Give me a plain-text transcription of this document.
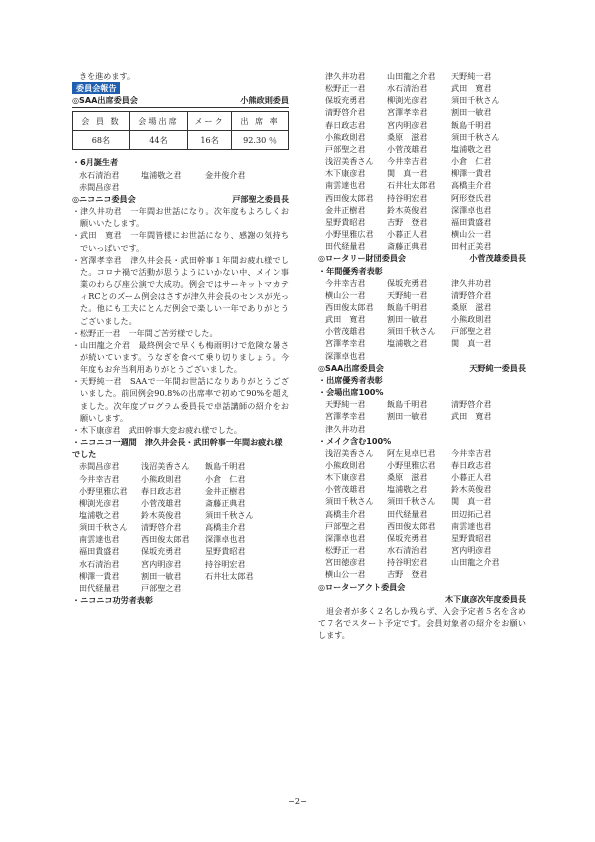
きを進めます。
委員会報告
◎SAA出席委員会	小熊政則委員
会 員 数	会場出席	メーク	出 席 率
68名	44名	16名	92.30 ％
・6月誕生者
水石清治君	塩浦敬之君	金井俊介君
赤間昌彦君
◎ニコニコ委員会	戸部聖之委員長
・ 津久井功君　一年間お世話になり。次年度もよろしくお願いいたします。
・ 武田　寛君　一年間皆様にお世話になり、感謝の気持ちでいっぱいです。
・ 宮澤孝幸君　津久井会長・武田幹事１年間お疲れ様でした。コロナ禍で活動が思うようにいかない中、メイン事業のわらび座公演で大成功。例会ではサーキットマカティRCとのズーム例会はさすが津久井会長のセンスが光った。他にも工夫にとんだ例会で楽しい一年でありがとうございました。
・ 松野正一君　一年間ご苦労様でした。
・ 山田龍之介君　最終例会で早くも梅雨明けで危険な暑さが続いています。うなぎを食べて乗り切りましょう。今年度もお弁当利用ありがとうございました。
・ 天野純一君　SAAで一年間お世話になりありがとうございました。前回例会90.8%の出席率で初めて90%を超えました。次年度プログラム委員長で卓話講師の紹介をお願いします。
・ 木下康彦君　武田幹事大変お疲れ様でした。
・ニコニコ一週間　津久井会長・武田幹事一年間お疲れ様でした
赤間昌彦君	浅沼美香さん	飯島千明君
今井幸吉君	小熊政則君	小倉　仁君
小野里雅広君	春日政志君	金井正樹君
柳渕光彦君	小菅茂雄君	斎藤正典君
塩浦敬之君	鈴木英俊君	須田千秋さん
須田千秋さん	清野啓介君	高橋圭介君
南雲達也君	西田俊太郎君	深澤卓也君
福田貴盛君	保坂充勇君	星野貴昭君
水石清治君	宮内明彦君	持谷明宏君
柳澤一貴君	割田一敏君	石井壮太郎君
田代経量君	戸部聖之君
・ニコニコ功労者表彰
津久井功君	山田龍之介君	天野純一君
松野正一君	水石清治君	武田　寛君
保坂充勇君	柳渕光彦君	須田千秋さん
清野啓介君	宮澤孝幸君	割田一敏君
春日政志君	宮内明彦君	飯島千明君
小熊政則君	桑原　滋君	須田千秋さん
戸部聖之君	小菅茂雄君	塩浦敬之君
浅沼美香さん	今井幸吉君	小倉　仁君
木下康彦君	関　真一君	柳澤一貴君
南雲達也君	石井壮太郎君	高橋圭介君
西田俊太郎君	持谷明宏君	阿形登氏君
金井正樹君	鈴木英俊君	深澤卓也君
星野貴昭君	吉野　登君	福田貴盛君
小野里雅広君	小暮正人君	横山公一君
田代経量君	斎藤正典君	田村正美君
◎ロータリー財団委員会	小菅茂雄委員長
・年間優秀者表彰
今井幸吉君	保坂充勇君	津久井功君
横山公一君	天野純一君	清野啓介君
西田俊太郎君	飯島千明君	桑原　滋君
武田　寛君	割田一敏君	小熊政則君
小菅茂雄君	須田千秋さん	戸部聖之君
宮澤孝幸君	塩浦敬之君	関　真一君
深澤卓也君
◎SAA出席委員会	天野純一委員長
・出席優秀者表彰
・会場出席100%
天野純一君	飯島千明君	清野啓介君
宮澤孝幸君	割田一敏君	武田　寛君
津久井功君
・メイク含む100%
浅沼美香さん	阿左見卓巳君	今井幸吉君
小熊政則君	小野里雅広君	春日政志君
木下康彦君	桑原　滋君	小暮正人君
小菅茂雄君	塩浦敬之君	鈴木英俊君
須田千秋さん	須田千秋さん	関　真一君
高橋圭介君	田代経量君	田辺拓己君
戸部聖之君	西田俊太郎君	南雲達也君
深澤卓也君	保坂充勇君	星野貴昭君
松野正一君	水石清治君	宮内明彦君
宮田徳彦君	持谷明宏君	山田龍之介君
横山公一君	吉野　登君
◎ローターアクト委員会
木下康彦次年度委員長
退会者が多く２名しか残らず、入会予定者５名を含めて７名でスタート予定です。会員対象者の紹介をお願いします。
−2−
